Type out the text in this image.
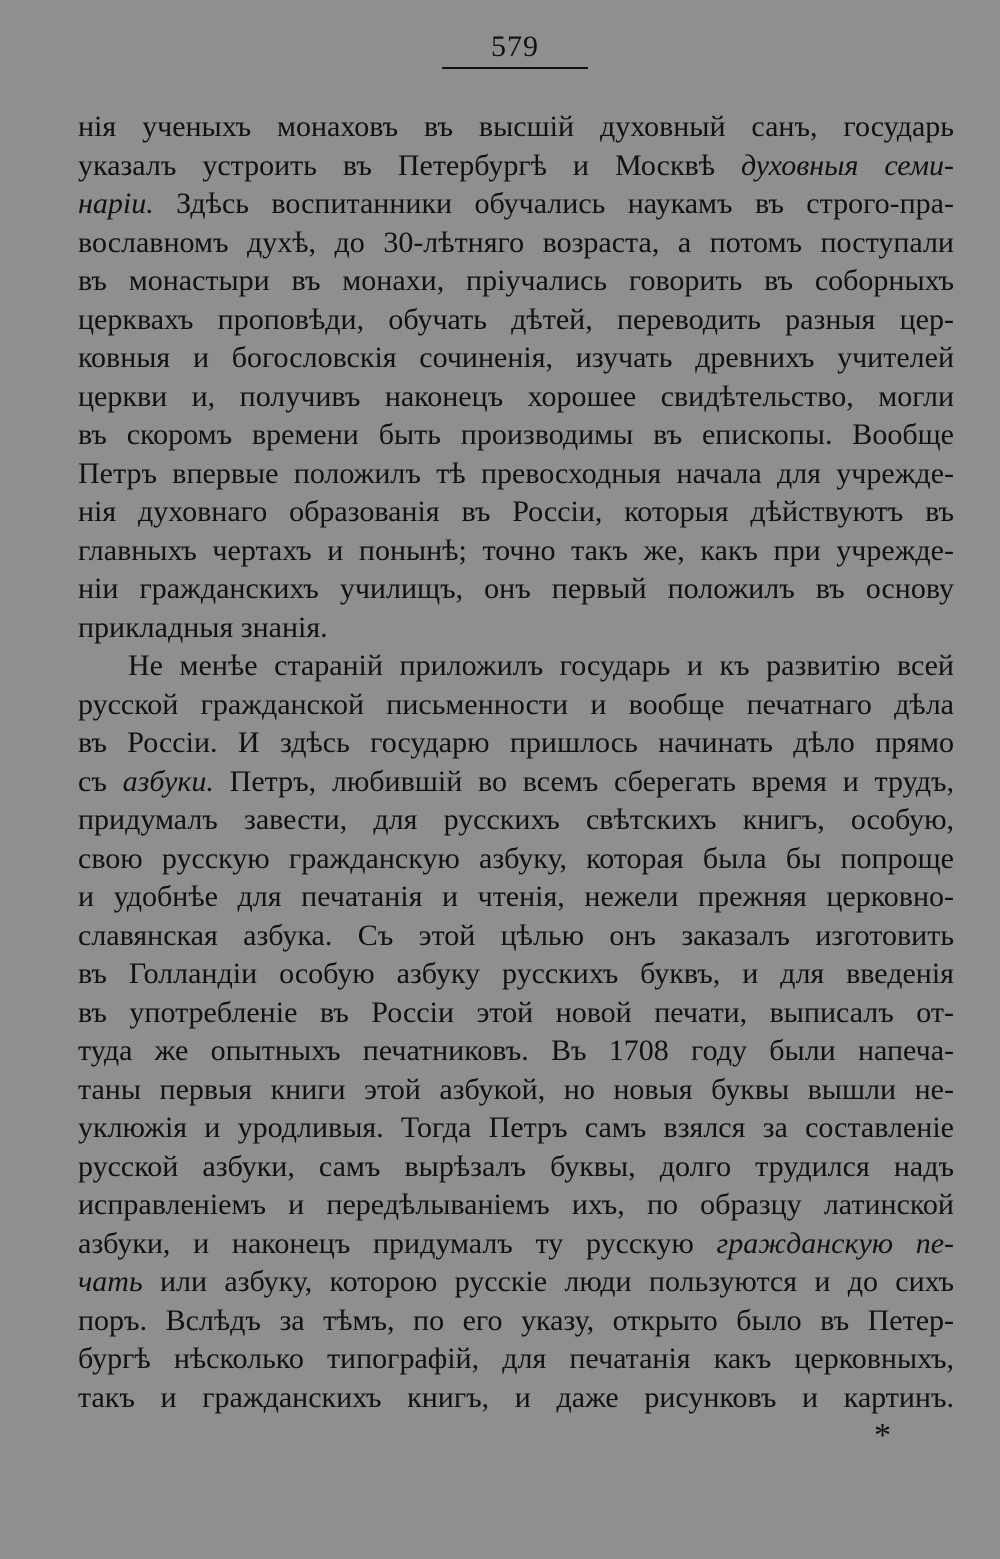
579
нія ученыхъ монаховъ въ высшій духовный санъ, государь
указалъ устроить въ Петербургѣ и Москвѣ духовныя семи-
наріи. Здѣсь воспитанники обучались наукамъ въ строго-пра-
вославномъ духѣ, до 30-лѣтняго возраста, а потомъ поступали
въ монастыри въ монахи, пріучались говорить въ соборныхъ
церквахъ проповѣди, обучать дѣтей, переводить разныя цер-
ковныя и богословскія сочиненія, изучать древнихъ учителей
церкви и, получивъ наконецъ хорошее свидѣтельство, могли
въ скоромъ времени быть производимы въ епископы. Вообще
Петръ впервые положилъ тѣ превосходныя начала для учрежде-
нія духовнаго образованія въ Россіи, которыя дѣйствуютъ въ
главныхъ чертахъ и понынѣ; точно такъ же, какъ при учрежде-
ніи гражданскихъ училищъ, онъ первый положилъ въ основу
прикладныя знанія.
Не менѣе стараній приложилъ государь и къ развитію всей
русской гражданской письменности и вообще печатнаго дѣла
въ Россіи. И здѣсь государю пришлось начинать дѣло прямо
съ азбуки. Петръ, любившій во всемъ сберегать время и трудъ,
придумалъ завести, для русскихъ свѣтскихъ книгъ, особую,
свою русскую гражданскую азбуку, которая была бы попроще
и удобнѣе для печатанія и чтенія, нежели прежняя церковно-
славянская азбука. Съ этой цѣлью онъ заказалъ изготовить
въ Голландіи особую азбуку русскихъ буквъ, и для введенія
въ употребленіе въ Россіи этой новой печати, выписалъ от-
туда же опытныхъ печатниковъ. Въ 1708 году были напеча-
таны первыя книги этой азбукой, но новыя буквы вышли не-
уклюжія и уродливыя. Тогда Петръ самъ взялся за составленіе
русской азбуки, самъ вырѣзалъ буквы, долго трудился надъ
исправленіемъ и передѣлываніемъ ихъ, по образцу латинской
азбуки, и наконецъ придумалъ ту русскую гражданскую пе-
чать или азбуку, которою русскіе люди пользуются и до сихъ
поръ. Вслѣдъ за тѣмъ, по его указу, открыто было въ Петер-
бургѣ нѣсколько типографій, для печатанія какъ церковныхъ,
такъ и гражданскихъ книгъ, и даже рисунковъ и картинъ.
*
